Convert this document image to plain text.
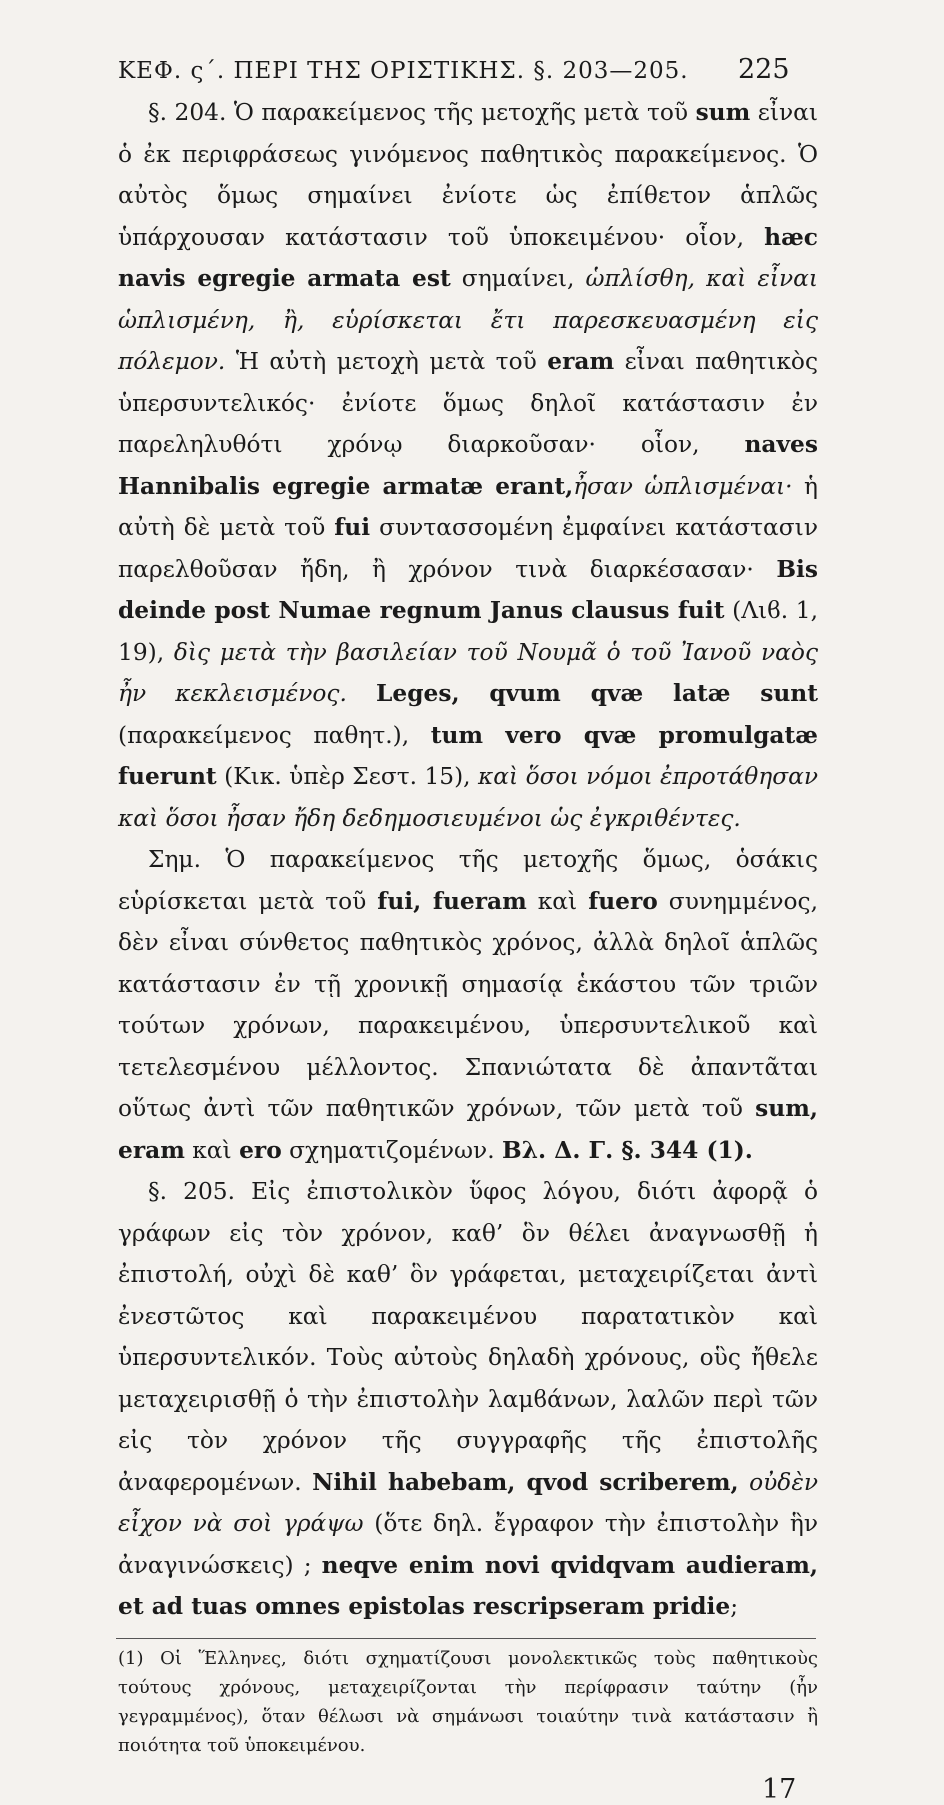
ΚΕΦ. ς΄. ΠΕΡΙ ΤΗΣ ΟΡΙΣΤΙΚΗΣ. §. 203—205. 225

§. 204. Ὁ παρακείμενος τῆς μετοχῆς μετὰ τοῦ sum εἶναι ὁ ἐκ περιφράσεως γινόμενος παθητικὸς παρακείμενος. Ὁ αὐτὸς ὅμως σημαίνει ἐνίοτε ὡς ἐπίθετον ἁπλῶς ὑπάρχουσαν κατάστασιν τοῦ ὑποκειμένου· οἷον, hæc navis egregie armata est σημαίνει, ὡπλίσθη, καὶ εἶναι ὡπλισμένη, ἢ, εὑρίσκεται ἔτι παρεσκευασμένη εἰς πόλεμον. Ἡ αὐτὴ μετοχὴ μετὰ τοῦ eram εἶναι παθητικὸς ὑπερσυντελικός· ἐνίοτε ὅμως δηλοῖ κατάστασιν ἐν παρεληλυθότι χρόνῳ διαρκοῦσαν· οἷον, naves Hannibalis egregie armatæ erant,ἦσαν ὡπλισμέναι· ἡ αὐτὴ δὲ μετὰ τοῦ fui συντασσομένη ἐμφαίνει κατάστασιν παρελθοῦσαν ἤδη, ἢ χρόνον τινὰ διαρκέσασαν· Bis deinde post Numae regnum Janus clausus fuit (Λιϐ. 1, 19), δὶς μετὰ τὴν βασιλείαν τοῦ Νουμᾶ ὁ τοῦ Ἰανοῦ ναὸς ἦν κεκλεισμένος. Leges, qvum qvæ latæ sunt (παρακείμενος παθητ.), tum vero qvæ promulgatæ fuerunt (Κικ. ὑπὲρ Σεστ. 15), καὶ ὅσοι νόμοι ἐπροτάθησαν καὶ ὅσοι ἦσαν ἤδη δεδημοσιευμένοι ὡς ἐγκριθέντες.

Σημ. Ὁ παρακείμενος τῆς μετοχῆς ὅμως, ὁσάκις εὑρίσκεται μετὰ τοῦ fui, fueram καὶ fuero συνημμένος, δὲν εἶναι σύνθετος παθητικὸς χρόνος, ἀλλὰ δηλοῖ ἁπλῶς κατάστασιν ἐν τῇ χρονικῇ σημασίᾳ ἑκάστου τῶν τριῶν τούτων χρόνων, παρακειμένου, ὑπερσυντελικοῦ καὶ τετελεσμένου μέλλοντος. Σπανιώτατα δὲ ἀπαντᾶται οὕτως ἀντὶ τῶν παθητικῶν χρόνων, τῶν μετὰ τοῦ sum, eram καὶ ero σχηματιζομένων. Βλ. Δ. Γ. §. 344 (1).

§. 205. Εἰς ἐπιστολικὸν ὕφος λόγου, διότι ἀφορᾷ ὁ γράφων εἰς τὸν χρόνον, καθ’ ὃν θέλει ἀναγνωσθῇ ἡ ἐπιστολή, οὐχὶ δὲ καθ’ ὃν γράφεται, μεταχειρίζεται ἀντὶ ἐνεστῶτος καὶ παρακειμένου παρατατικὸν καὶ ὑπερσυντελικόν. Τοὺς αὐτοὺς δηλαδὴ χρόνους, οὓς ἤθελε μεταχειρισθῇ ὁ τὴν ἐπιστολὴν λαμϐάνων, λαλῶν περὶ τῶν εἰς τὸν χρόνον τῆς συγγραφῆς τῆς ἐπιστολῆς ἀναφερομένων. Nihil habebam, qvod scriberem, οὐδὲν εἶχον νὰ σοὶ γράψω (ὅτε δηλ. ἔγραφον τὴν ἐπιστολὴν ἣν ἀναγινώσκεις) ; neqve enim novi qvidqvam audieram, et ad tuas omnes epistolas rescripseram pridie;

(1) Οἱ Ἕλληνες, διότι σχηματίζουσι μονολεκτικῶς τοὺς παθητικοὺς τούτους χρόνους, μεταχειρίζονται τὴν περίφρασιν ταύτην (ἦν γεγραμμένος), ὅταν θέλωσι νὰ σημάνωσι τοιαύτην τινὰ κατάστασιν ἢ ποιότητα τοῦ ὑποκειμένου.
17
